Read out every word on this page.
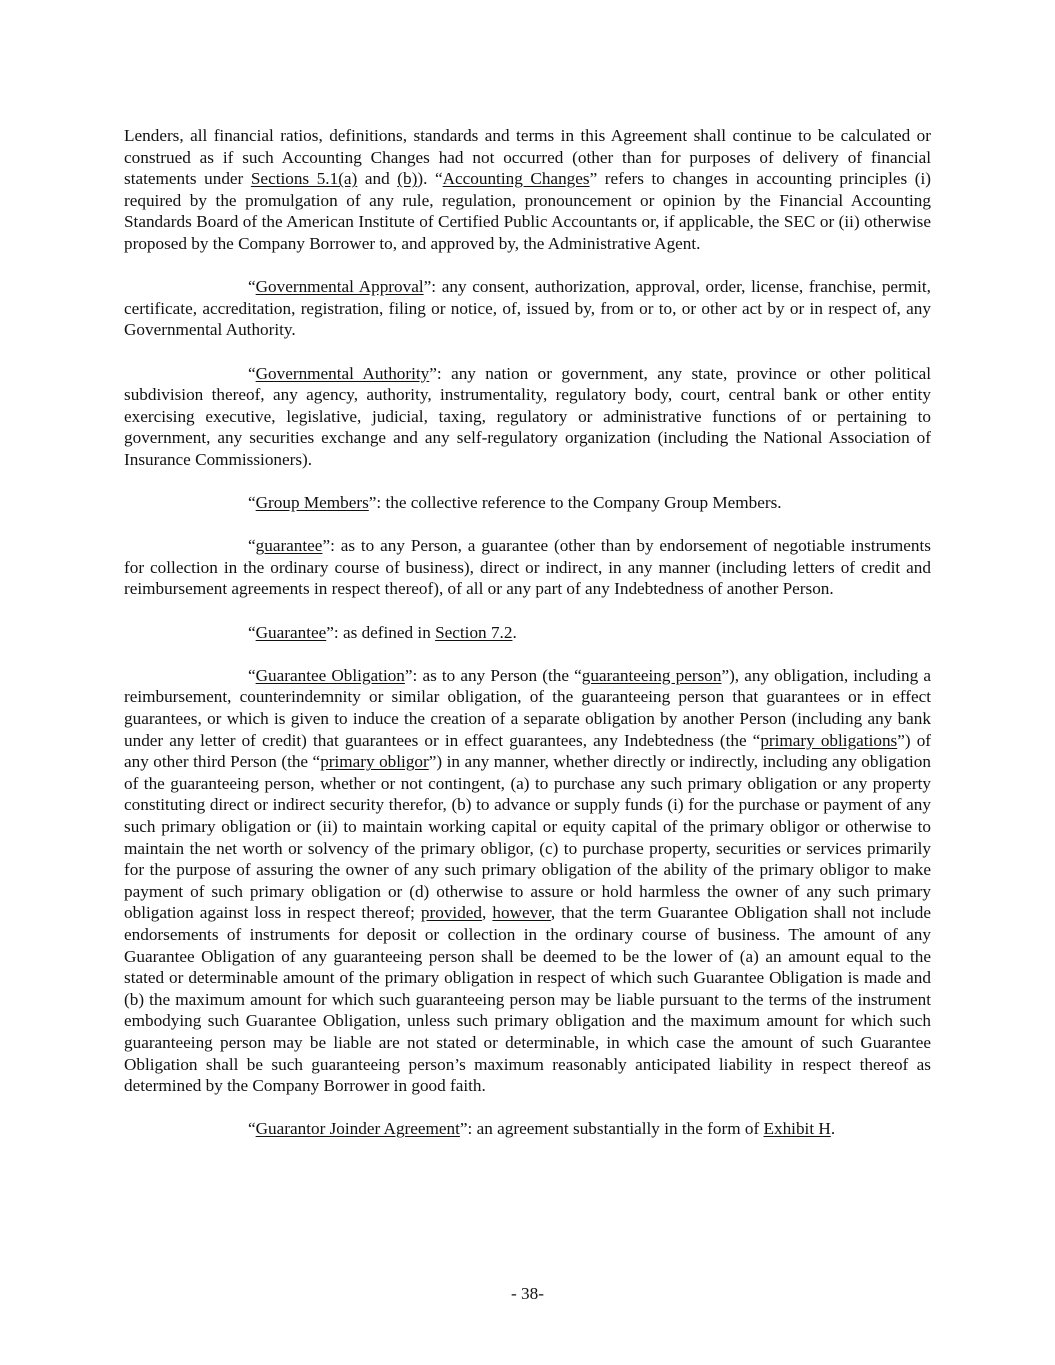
Lenders, all financial ratios, definitions, standards and terms in this Agreement shall continue to be calculated or construed as if such Accounting Changes had not occurred (other than for purposes of delivery of financial statements under Sections 5.1(a) and (b)). “Accounting Changes” refers to changes in accounting principles (i) required by the promulgation of any rule, regulation, pronouncement or opinion by the Financial Accounting Standards Board of the American Institute of Certified Public Accountants or, if applicable, the SEC or (ii) otherwise proposed by the Company Borrower to, and approved by, the Administrative Agent.

“Governmental Approval”: any consent, authorization, approval, order, license, franchise, permit, certificate, accreditation, registration, filing or notice, of, issued by, from or to, or other act by or in respect of, any Governmental Authority.

“Governmental Authority”: any nation or government, any state, province or other political subdivision thereof, any agency, authority, instrumentality, regulatory body, court, central bank or other entity exercising executive, legislative, judicial, taxing, regulatory or administrative functions of or pertaining to government, any securities exchange and any self-regulatory organization (including the National Association of Insurance Commissioners).

“Group Members”: the collective reference to the Company Group Members.

“guarantee”: as to any Person, a guarantee (other than by endorsement of negotiable instruments for collection in the ordinary course of business), direct or indirect, in any manner (including letters of credit and reimbursement agreements in respect thereof), of all or any part of any Indebtedness of another Person.

“Guarantee”: as defined in Section 7.2.

“Guarantee Obligation”: as to any Person (the “guaranteeing person”), any obligation, including a reimbursement, counterindemnity or similar obligation, of the guaranteeing person that guarantees or in effect guarantees, or which is given to induce the creation of a separate obligation by another Person (including any bank under any letter of credit) that guarantees or in effect guarantees, any Indebtedness (the “primary obligations”) of any other third Person (the “primary obligor”) in any manner, whether directly or indirectly, including any obligation of the guaranteeing person, whether or not contingent, (a) to purchase any such primary obligation or any property constituting direct or indirect security therefor, (b) to advance or supply funds (i) for the purchase or payment of any such primary obligation or (ii) to maintain working capital or equity capital of the primary obligor or otherwise to maintain the net worth or solvency of the primary obligor, (c) to purchase property, securities or services primarily for the purpose of assuring the owner of any such primary obligation of the ability of the primary obligor to make payment of such primary obligation or (d) otherwise to assure or hold harmless the owner of any such primary obligation against loss in respect thereof; provided, however, that the term Guarantee Obligation shall not include endorsements of instruments for deposit or collection in the ordinary course of business. The amount of any Guarantee Obligation of any guaranteeing person shall be deemed to be the lower of (a) an amount equal to the stated or determinable amount of the primary obligation in respect of which such Guarantee Obligation is made and (b) the maximum amount for which such guaranteeing person may be liable pursuant to the terms of the instrument embodying such Guarantee Obligation, unless such primary obligation and the maximum amount for which such guaranteeing person may be liable are not stated or determinable, in which case the amount of such Guarantee Obligation shall be such guaranteeing person’s maximum reasonably anticipated liability in respect thereof as determined by the Company Borrower in good faith.

“Guarantor Joinder Agreement”: an agreement substantially in the form of Exhibit H.

- 38-
